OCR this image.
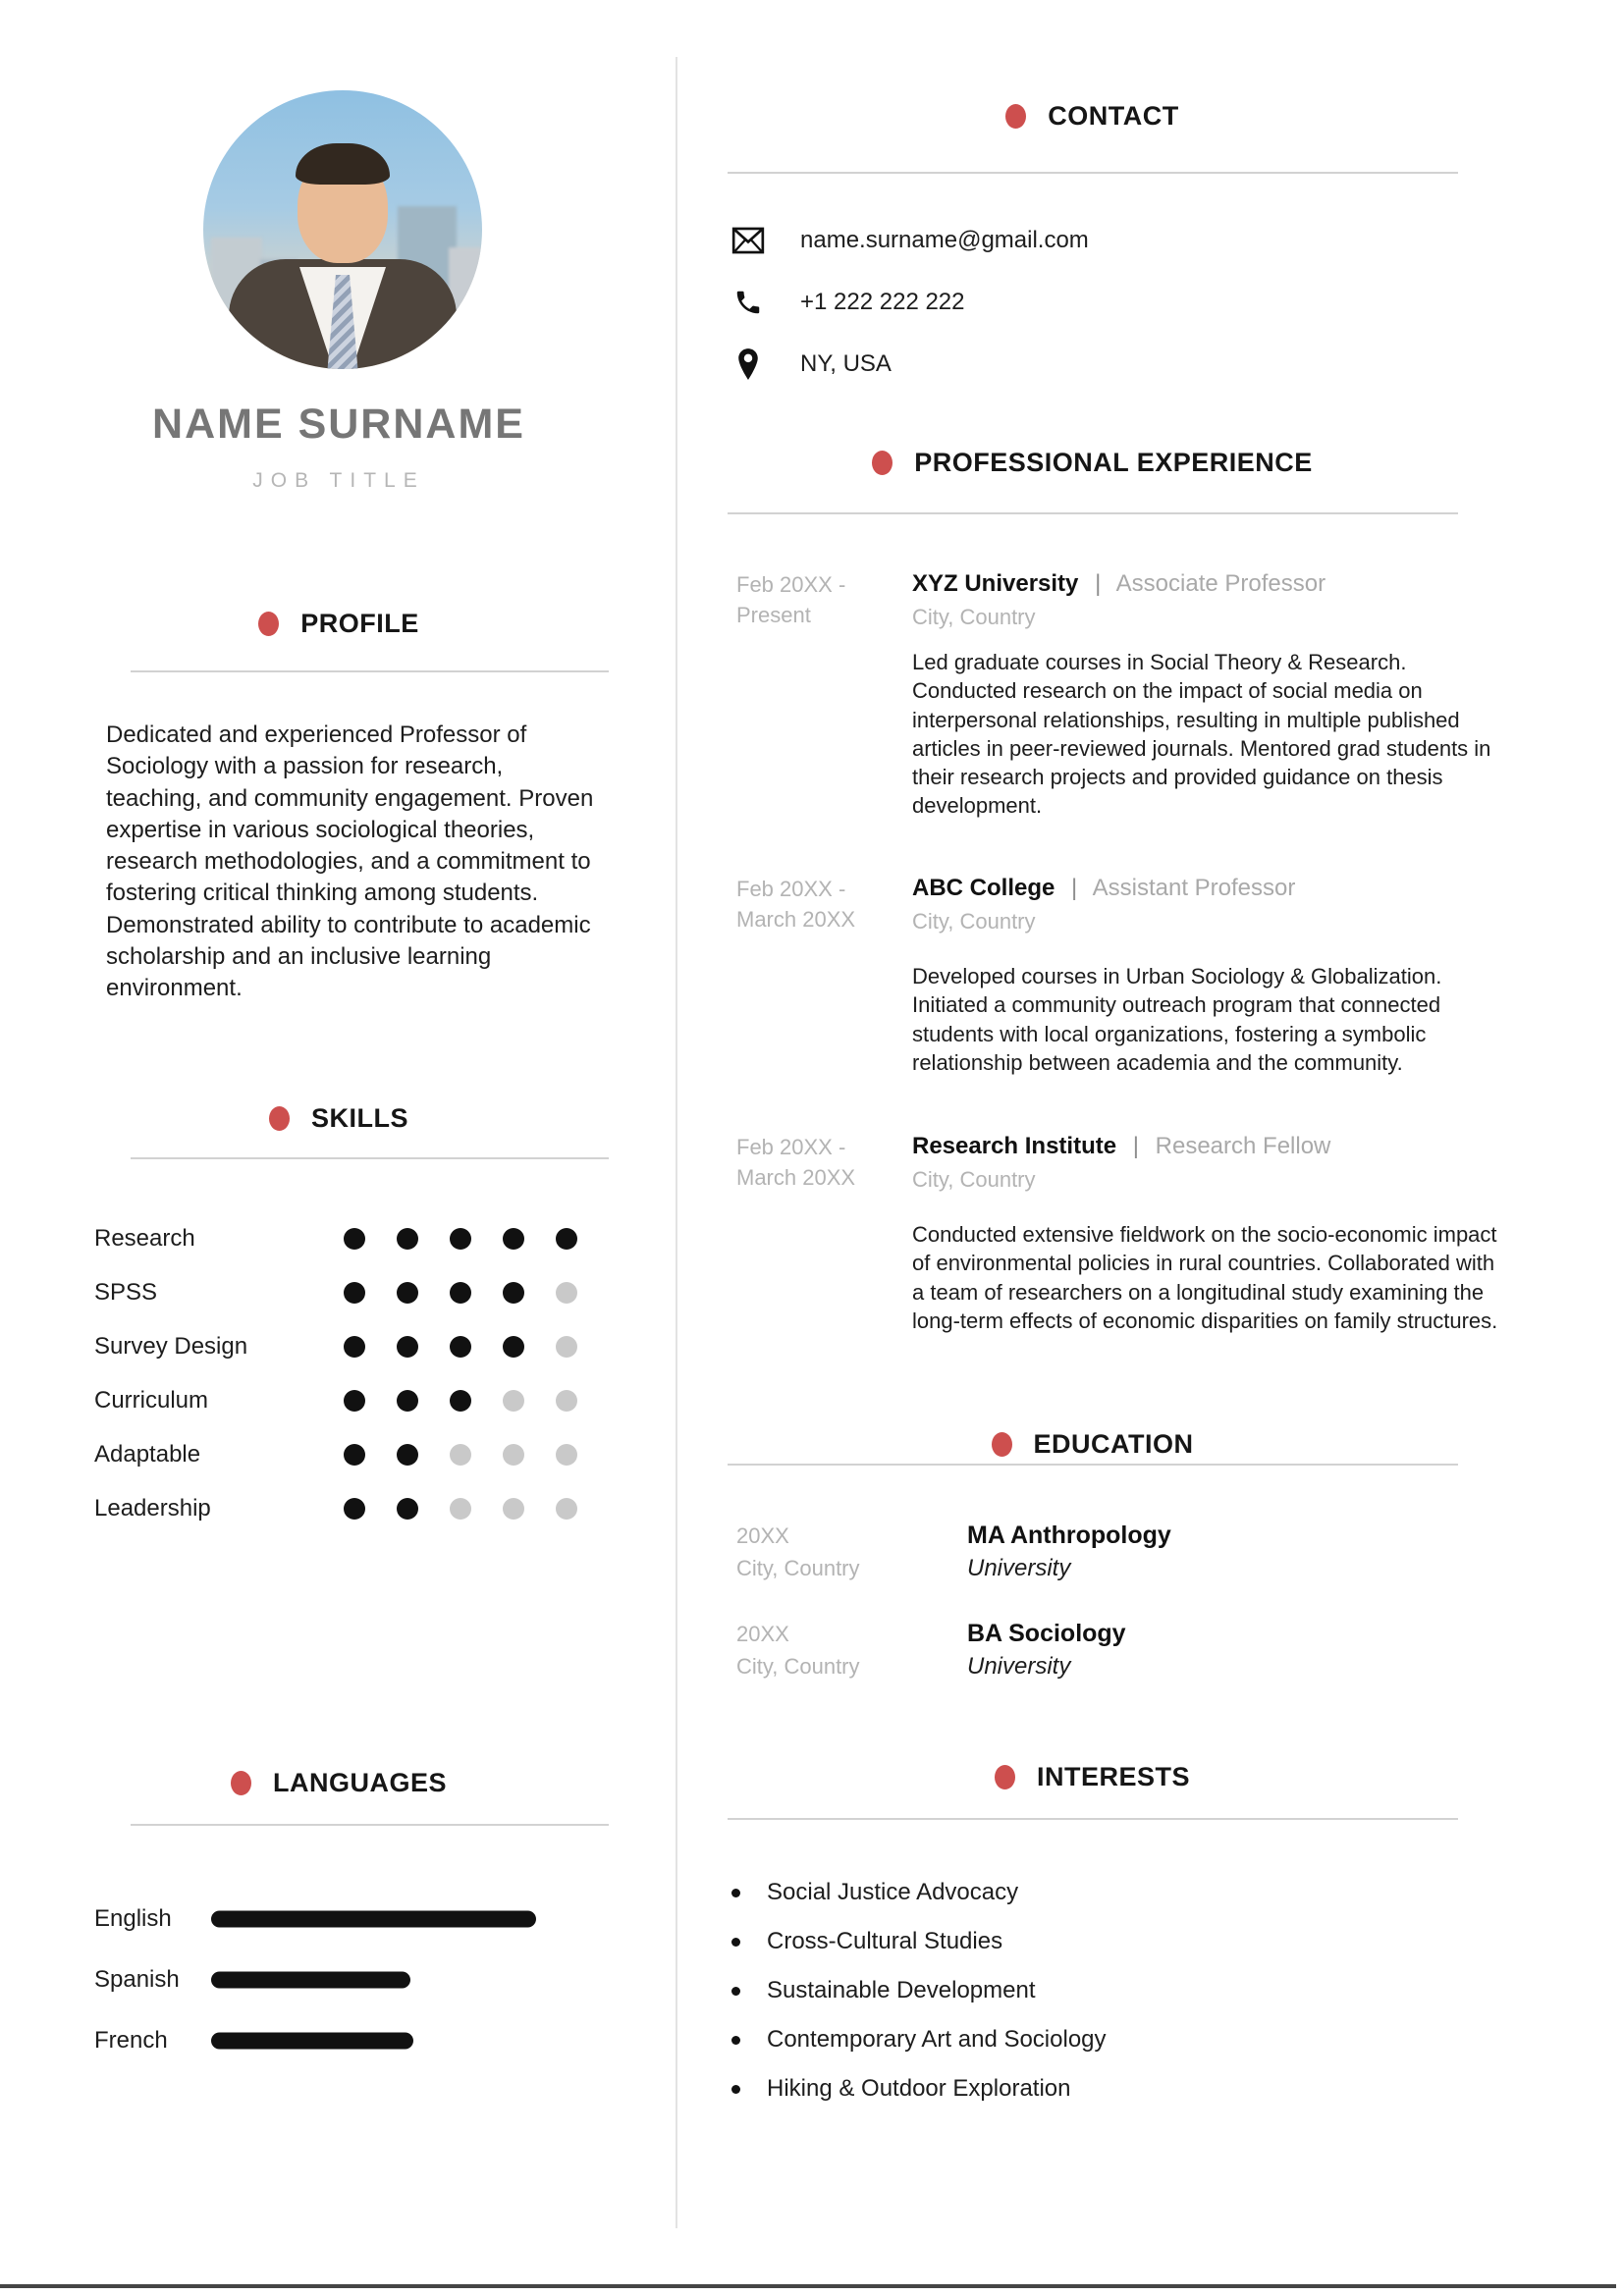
NAME SURNAME
JOB TITLE
PROFILE
Dedicated and experienced Professor of Sociology with a passion for research, teaching, and community engagement. Proven expertise in various sociological theories, research methodologies, and a commitment to fostering critical thinking among students. Demonstrated ability to contribute to academic scholarship and an inclusive learning environment.
SKILLS
Research
SPSS
Survey Design
Curriculum
Adaptable
Leadership
LANGUAGES
English
Spanish
French
CONTACT
name.surname@gmail.com
+1 222 222 222
NY, USA
PROFESSIONAL EXPERIENCE
Feb 20XX -
Present
XYZ University | Associate Professor
City, Country
Led graduate courses in Social Theory & Research. Conducted research on the impact of social media on interpersonal relationships, resulting in multiple published articles in peer-reviewed journals. Mentored grad students in their research projects and provided guidance on thesis development.
Feb 20XX -
March 20XX
ABC College | Assistant Professor
City, Country
Developed courses in Urban Sociology & Globalization. Initiated a community outreach program that connected students with local organizations, fostering a symbolic relationship between academia and the community.
Feb 20XX -
March 20XX
Research Institute | Research Fellow
City, Country
Conducted extensive fieldwork on the socio-economic impact of environmental policies in rural countries. Collaborated with a team of researchers on a longitudinal study examining the long-term effects of economic disparities on family structures.
EDUCATION
20XX
City, Country
MA Anthropology
University
20XX
City, Country
BA Sociology
University
INTERESTS
Social Justice Advocacy
Cross-Cultural Studies
Sustainable Development
Contemporary Art and Sociology
Hiking & Outdoor Exploration
